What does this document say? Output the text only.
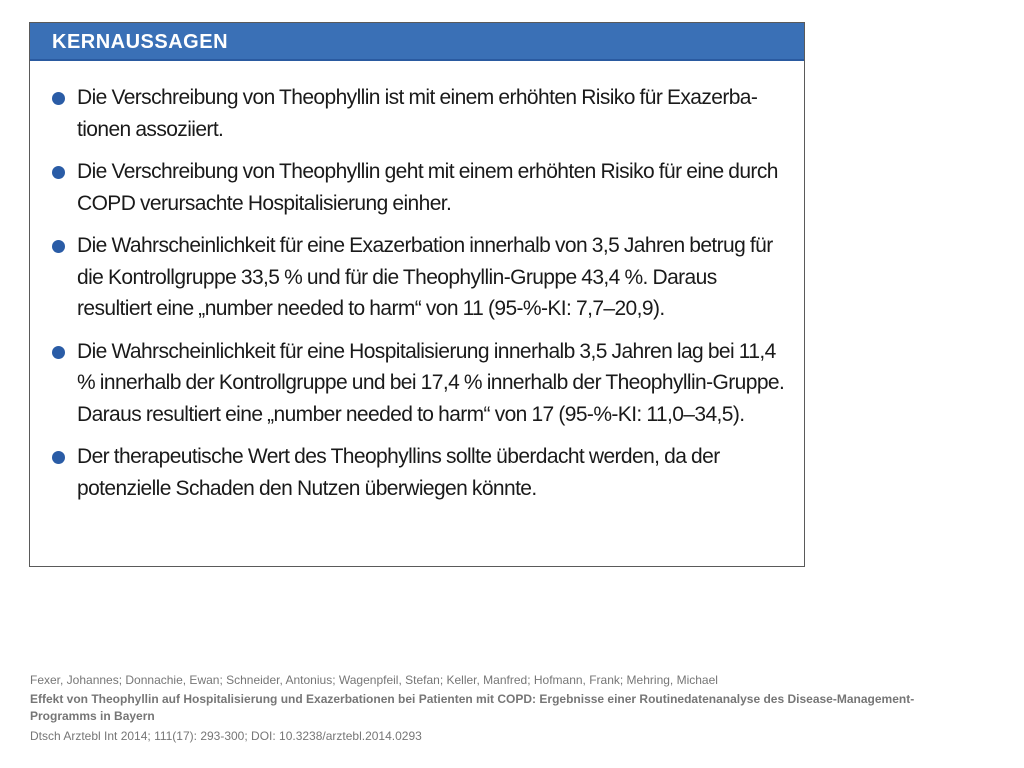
KERNAUSSAGEN
Die Verschreibung von Theophyllin ist mit einem erhöhten Risiko für Exazerba-tionen assoziiert.
Die Verschreibung von Theophyllin geht mit einem erhöhten Risiko für eine durch COPD verursachte Hospitalisierung einher.
Die Wahrscheinlichkeit für eine Exazerbation innerhalb von 3,5 Jahren betrug für die Kontrollgruppe 33,5 % und für die Theophyllin-Gruppe 43,4 %. Daraus resultiert eine „number needed to harm“ von 11 (95-%-KI: 7,7–20,9).
Die Wahrscheinlichkeit für eine Hospitalisierung innerhalb 3,5 Jahren lag bei 11,4 % innerhalb der Kontrollgruppe und bei 17,4 % innerhalb der Theophyllin-Gruppe. Daraus resultiert eine „number needed to harm“ von 17 (95-%-KI: 11,0–34,5).
Der therapeutische Wert des Theophyllins sollte überdacht werden, da der potenzielle Schaden den Nutzen überwiegen könnte.
Fexer, Johannes; Donnachie, Ewan; Schneider, Antonius; Wagenpfeil, Stefan; Keller, Manfred; Hofmann, Frank; Mehring, Michael
Effekt von Theophyllin auf Hospitalisierung und Exazerbationen bei Patienten mit COPD: Ergebnisse einer Routinedatenanalyse des Disease-Management-Programms in Bayern
Dtsch Arztebl Int 2014; 111(17): 293-300; DOI: 10.3238/arztebl.2014.0293
